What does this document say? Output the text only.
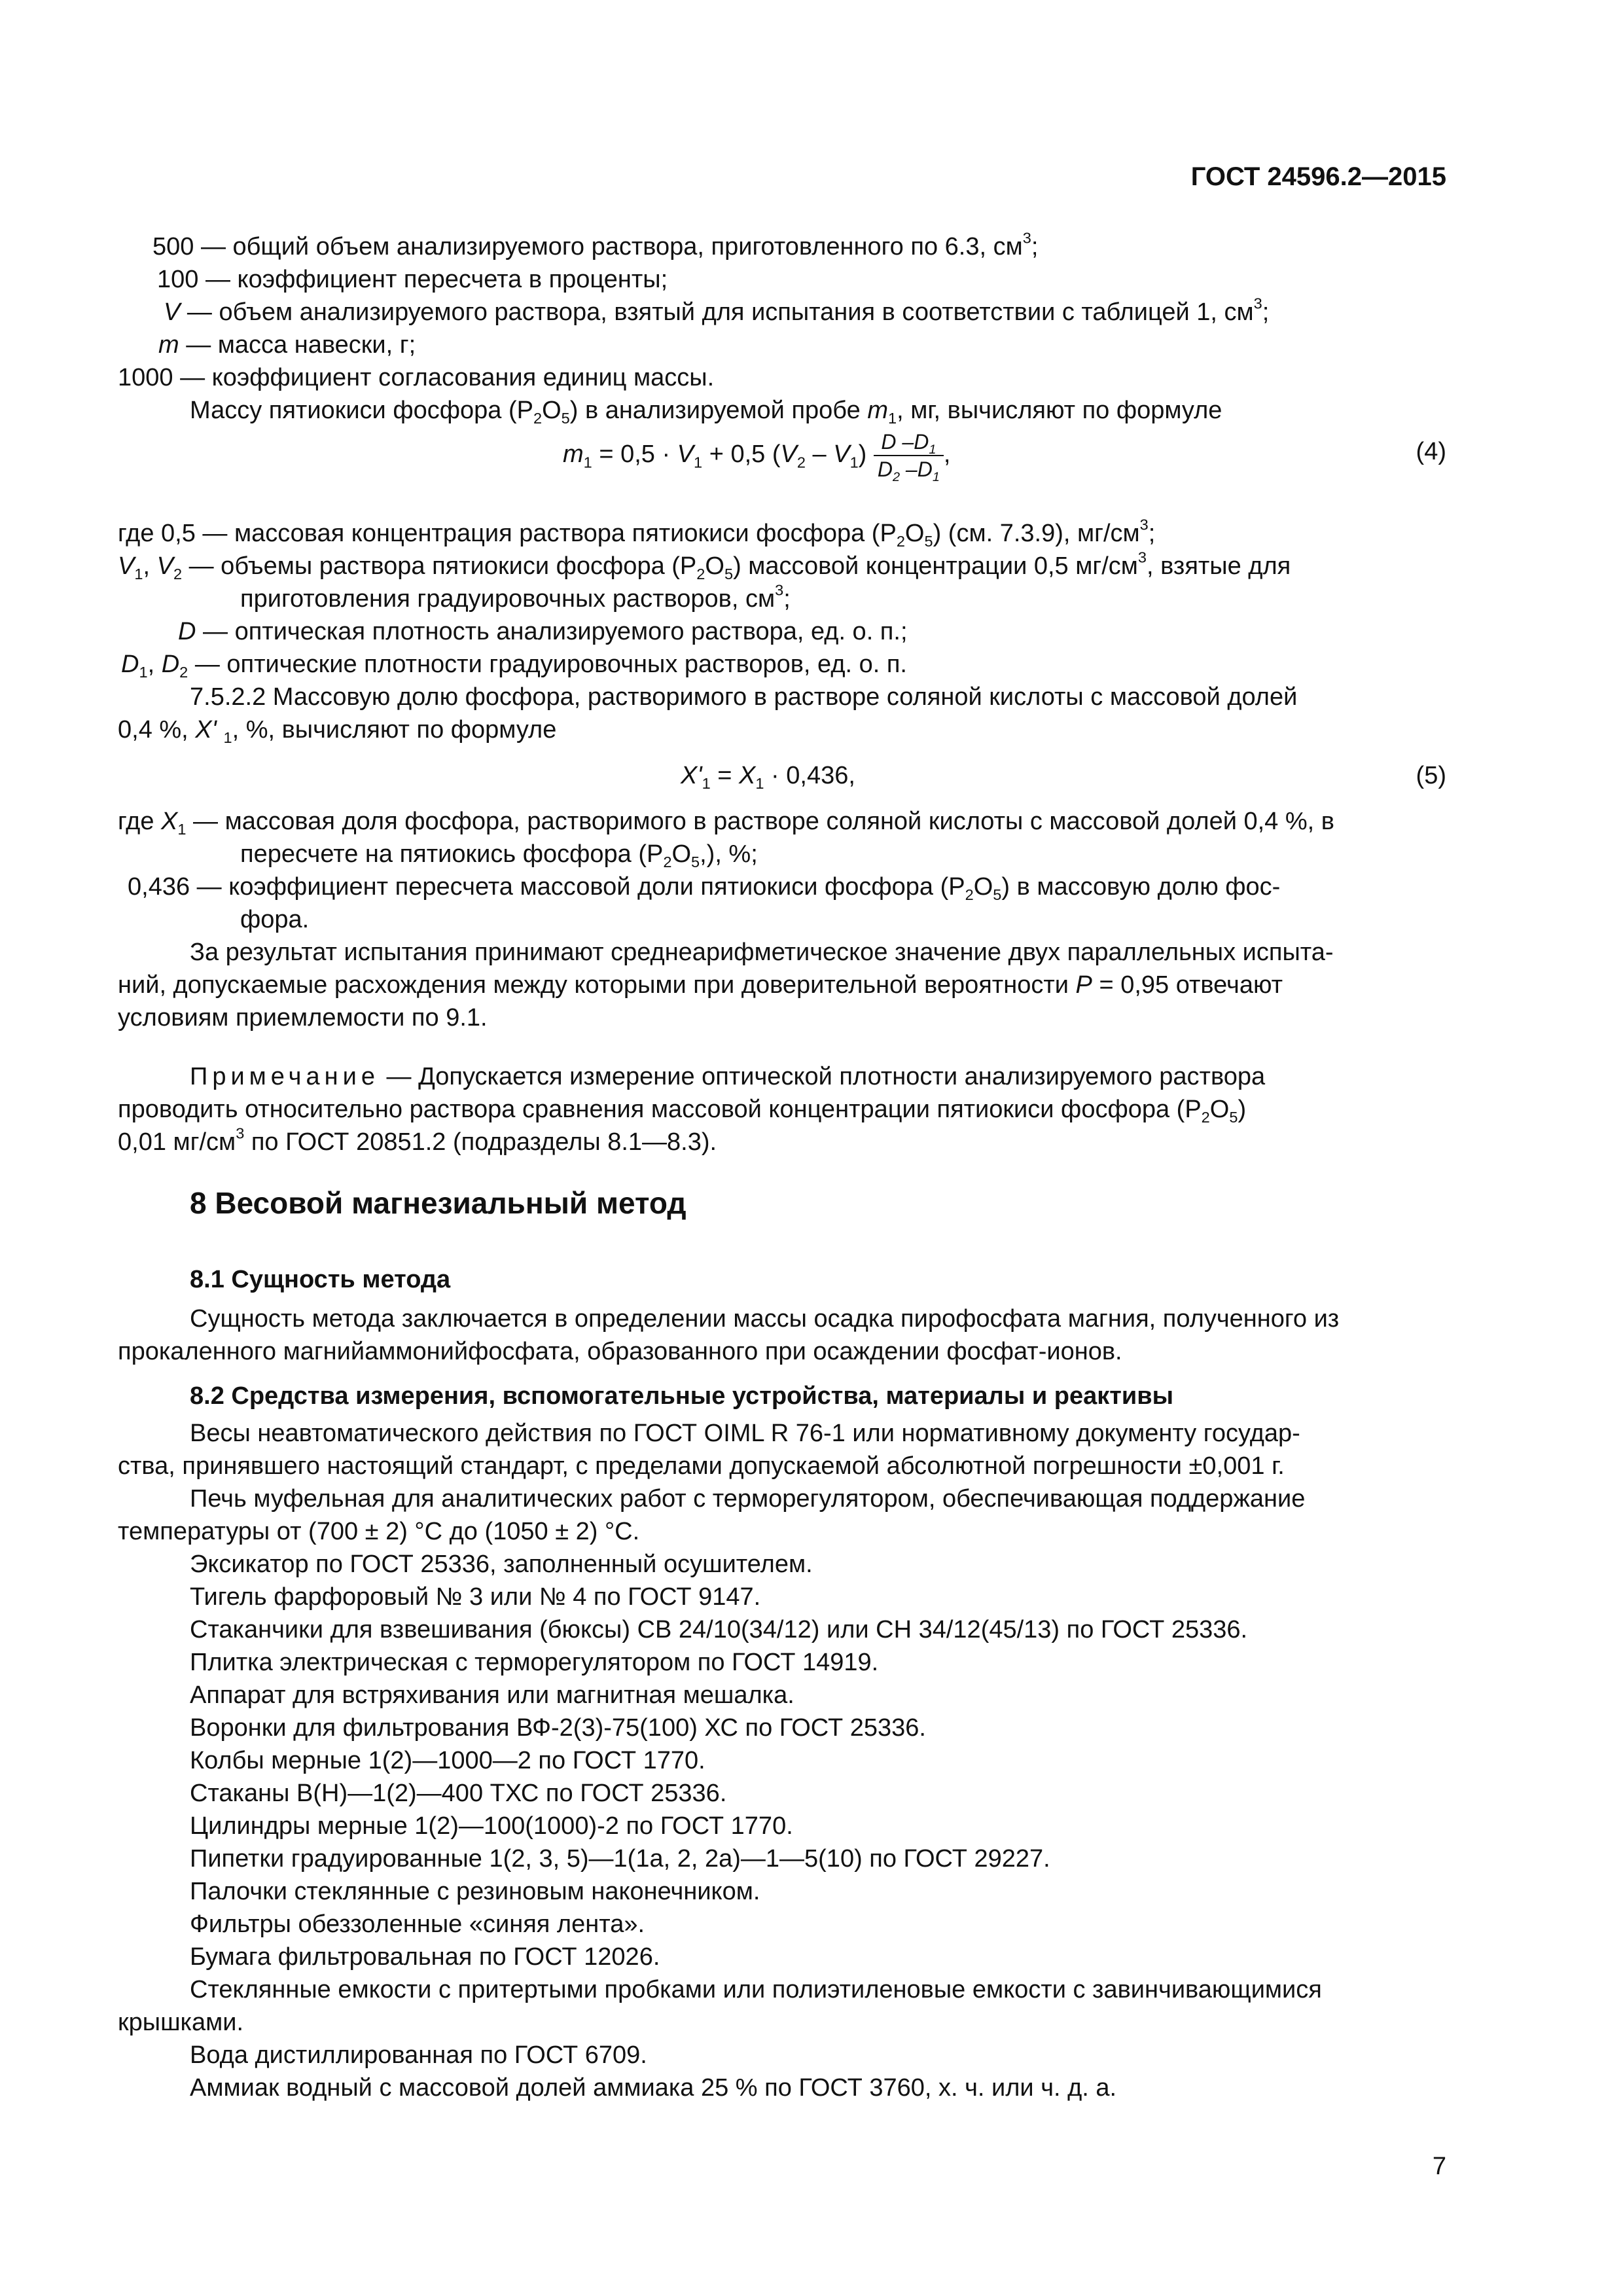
ГОСТ 24596.2—2015
500 — общий объем анализируемого раствора, приготовленного по 6.3, $см^3$;
100 — коэффициент пересчета в проценты;
V — объем анализируемого раствора, взятый для испытания в соответствии с таблицей 1, $см^3$;
m — масса навески, г;
1000 — коэффициент согласования единиц массы.
Массу пятиокиси фосфора $(P_2O_5)$ в анализируемой пробе $m_1$, мг, вычисляют по формуле
$m_1 = 0,5 \cdot V_1 + 0,5$ $(V_2 - V_1) \frac{D -D_1}{D_2 -D_1}$ ,	(4)
где 0,5 — массовая концентрация раствора пятиокиси фосфора $(P_2O_5)$ (см. 7.3.9), $мг/см^3$;
$V_1$, $V_2$ — объемы раствора пятиокиси фосфора $(P_2O_5)$ массовой концентрации 0,5 $мг/см^3$, взятые для
приготовления градуировочных растворов, $см^3$;
D — оптическая плотность анализируемого раствора, ед. о. п.;
$D_1$, $D_2$ — оптические плотности градуировочных растворов, ед. о. п.
7.5.2.2 Массовую долю фосфора, растворимого в растворе соляной кислоты с массовой долей
0,4 %, X' $_1$, %, вычисляют по формуле
$X'_1 = X_1 \cdot 0,436$,	(5)
где $X_1$ — массовая доля фосфора, растворимого в растворе соляной кислоты с массовой долей 0,4 %, в
пересчете на пятиокись фосфора $(P_2O_5,)$, %;
0,436 — коэффициент пересчета массовой доли пятиокиси фосфора $(P_2O_5)$ в массовую долю фос-
фора.
За результат испытания принимают среднеарифметическое значение двух параллельных испыта-
ний, допускаемые расхождения между которыми при доверительной вероятности P = 0,95 отвечают
условиям приемлемости по 9.1.
Примечание — Допускается измерение оптической плотности анализируемого раствора
проводить относительно раствора сравнения массовой концентрации пятиокиси фосфора $(P_2O_5)$
0,01 $мг/см^3$ по ГОСТ 20851.2 (подразделы 8.1—8.3).
8 Весовой магнезиальный метод
8.1 Сущность метода
Сущность метода заключается в определении массы осадка пирофосфата магния, полученного из
прокаленного магнийаммонийфосфата, образованного при осаждении фосфат-ионов.
8.2 Средства измерения, вспомогательные устройства, материалы и реактивы
Весы неавтоматического действия по ГОСТ OIML R 76-1 или нормативному документу государ-
ства, принявшего настоящий стандарт, с пределами допускаемой абсолютной погрешности ±0,001 г.
Печь муфельная для аналитических работ с терморегулятором, обеспечивающая поддержание
температуры от (700 ± 2) °С до (1050 ± 2) °С.
Эксикатор по ГОСТ 25336, заполненный осушителем.
Тигель фарфоровый № 3 или № 4 по ГОСТ 9147.
Стаканчики для взвешивания (бюксы) СВ 24/10(34/12) или СН 34/12(45/13) по ГОСТ 25336.
Плитка электрическая с терморегулятором по ГОСТ 14919.
Аппарат для встряхивания или магнитная мешалка.
Воронки для фильтрования ВФ-2(3)-75(100) ХС по ГОСТ 25336.
Колбы мерные 1(2)—1000—2 по ГОСТ 1770.
Стаканы В(Н)—1(2)—400 ТХС по ГОСТ 25336.
Цилиндры мерные 1(2)—100(1000)-2 по ГОСТ 1770.
Пипетки градуированные 1(2, 3, 5)—1(1а, 2, 2а)—1—5(10) по ГОСТ 29227.
Палочки стеклянные с резиновым наконечником.
Фильтры обеззоленные «синяя лента».
Бумага фильтровальная по ГОСТ 12026.
Стеклянные емкости с притертыми пробками или полиэтиленовые емкости с завинчивающимися
крышками.
Вода дистиллированная по ГОСТ 6709.
Аммиак водный с массовой долей аммиака 25 % по ГОСТ 3760, х. ч. или ч. д. а.
7
